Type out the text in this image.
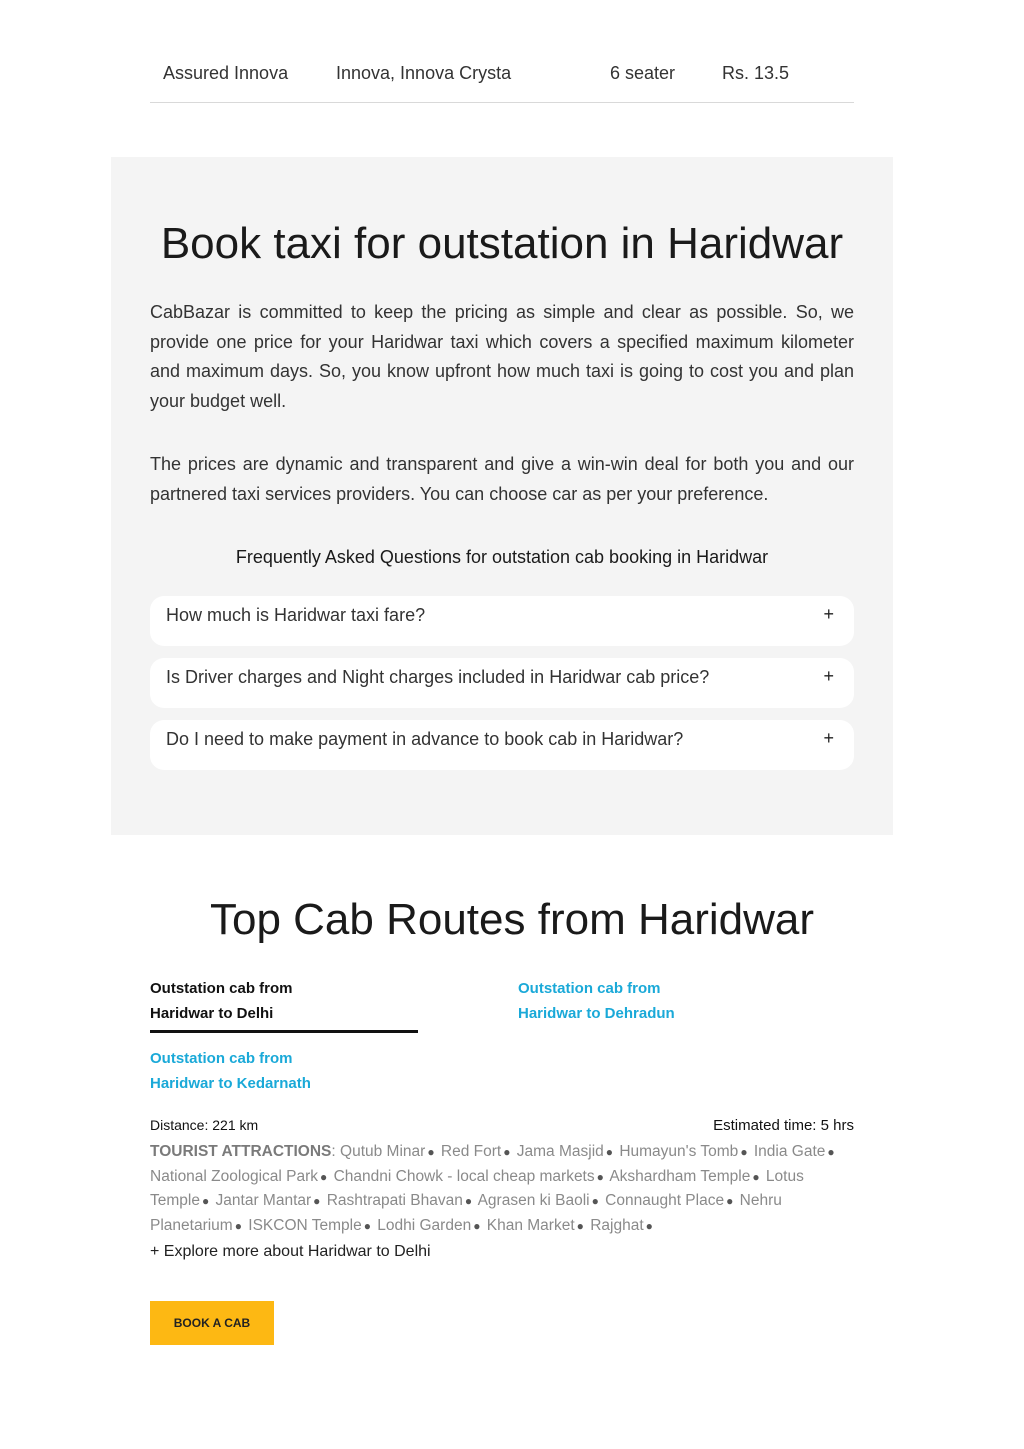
Assured Innova	Innova, Innova Crysta	6 seater	Rs. 13.5
Book taxi for outstation in Haridwar

CabBazar is committed to keep the pricing as simple and clear as possible. So, we provide one price for your Haridwar taxi which covers a specified maximum kilometer and maximum days. So, you know upfront how much taxi is going to cost you and plan your budget well.

The prices are dynamic and transparent and give a win-win deal for both you and our partnered taxi services providers. You can choose car as per your preference.

Frequently Asked Questions for outstation cab booking in Haridwar
How much is Haridwar taxi fare?	+
Is Driver charges and Night charges included in Haridwar cab price?	+
Do I need to make payment in advance to book cab in Haridwar?	+
Top Cab Routes from Haridwar
Outstation cab from
Haridwar to Delhi
Outstation cab from
Haridwar to Dehradun
Outstation cab from
Haridwar to Kedarnath
Distance: 221 km	Estimated time: 5 hrs
TOURIST ATTRACTIONS: Qutub Minar ● Red Fort ● Jama Masjid ● Humayun's Tomb ● India Gate ● National Zoological Park ● Chandni Chowk - local cheap markets ● Akshardham Temple ● Lotus Temple ● Jantar Mantar ● Rashtrapati Bhavan ● Agrasen ki Baoli ● Connaught Place ● Nehru Planetarium ● ISKCON Temple ● Lodhi Garden ● Khan Market ● Rajghat ●
+ Explore more about Haridwar to Delhi
BOOK A CAB
